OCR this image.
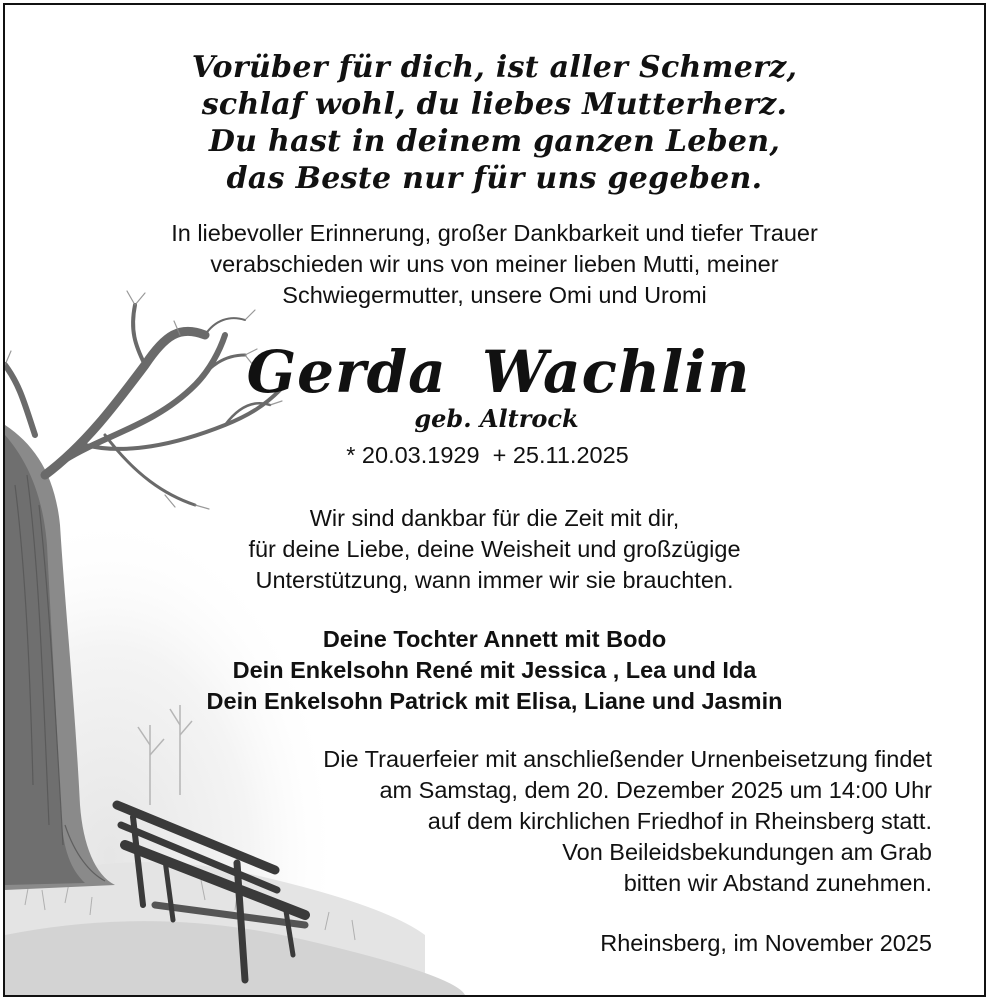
Vorüber für dich, ist aller Schmerz,
schlaf wohl, du liebes Mutterherz.
Du hast in deinem ganzen Leben,
das Beste nur für uns gegeben.
In liebevoller Erinnerung, großer Dankbarkeit und tiefer Trauer
verabschieden wir uns von meiner lieben Mutti, meiner
Schwiegermutter, unsere Omi und Uromi
Gerda Wachlin
geb. Altrock
* 20.03.1929  + 25.11.2025
Wir sind dankbar für die Zeit mit dir,
für deine Liebe, deine Weisheit und großzügige
Unterstützung, wann immer wir sie brauchten.
Deine Tochter Annett mit Bodo
Dein Enkelsohn René mit Jessica , Lea und Ida
Dein Enkelsohn Patrick mit Elisa, Liane und Jasmin
Die Trauerfeier mit anschließender Urnenbeisetzung findet
am Samstag, dem 20. Dezember 2025 um 14:00 Uhr
auf dem kirchlichen Friedhof in Rheinsberg statt.
Von Beileidsbekundungen am Grab
bitten wir Abstand zunehmen.
Rheinsberg, im November 2025
